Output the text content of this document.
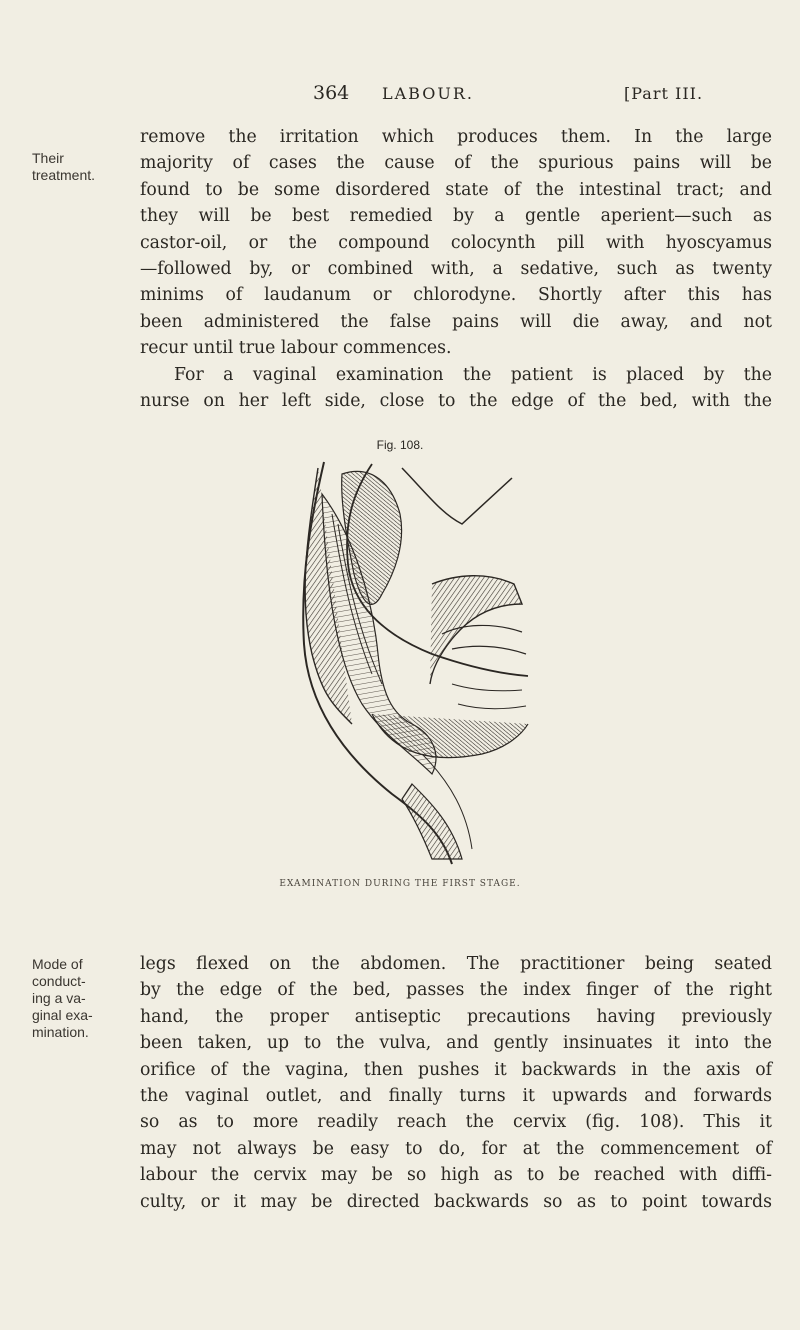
364 LABOUR.	[Part III.
Their
treatment.
remove the irritation which produces them. In the large
majority of cases the cause of the spurious pains will be
found to be some disordered state of the intestinal tract; and
they will be best remedied by a gentle aperient—such as
castor-oil, or the compound colocynth pill with hyoscyamus
—followed by, or combined with, a sedative, such as twenty
minims of laudanum or chlorodyne. Shortly after this has
been administered the false pains will die away, and not
recur until true labour commences.
For a vaginal examination the patient is placed by the
nurse on her left side, close to the edge of the bed, with the
Fig. 108.
EXAMINATION DURING THE FIRST STAGE.
Mode of
conduct-
ing a va-
ginal exa-
mination.
legs flexed on the abdomen. The practitioner being seated
by the edge of the bed, passes the index finger of the right
hand, the proper antiseptic precautions having previously
been taken, up to the vulva, and gently insinuates it into the
orifice of the vagina, then pushes it backwards in the axis of
the vaginal outlet, and finally turns it upwards and forwards
so as to more readily reach the cervix (fig. 108). This it
may not always be easy to do, for at the commencement of
labour the cervix may be so high as to be reached with diffi-
culty, or it may be directed backwards so as to point towards
